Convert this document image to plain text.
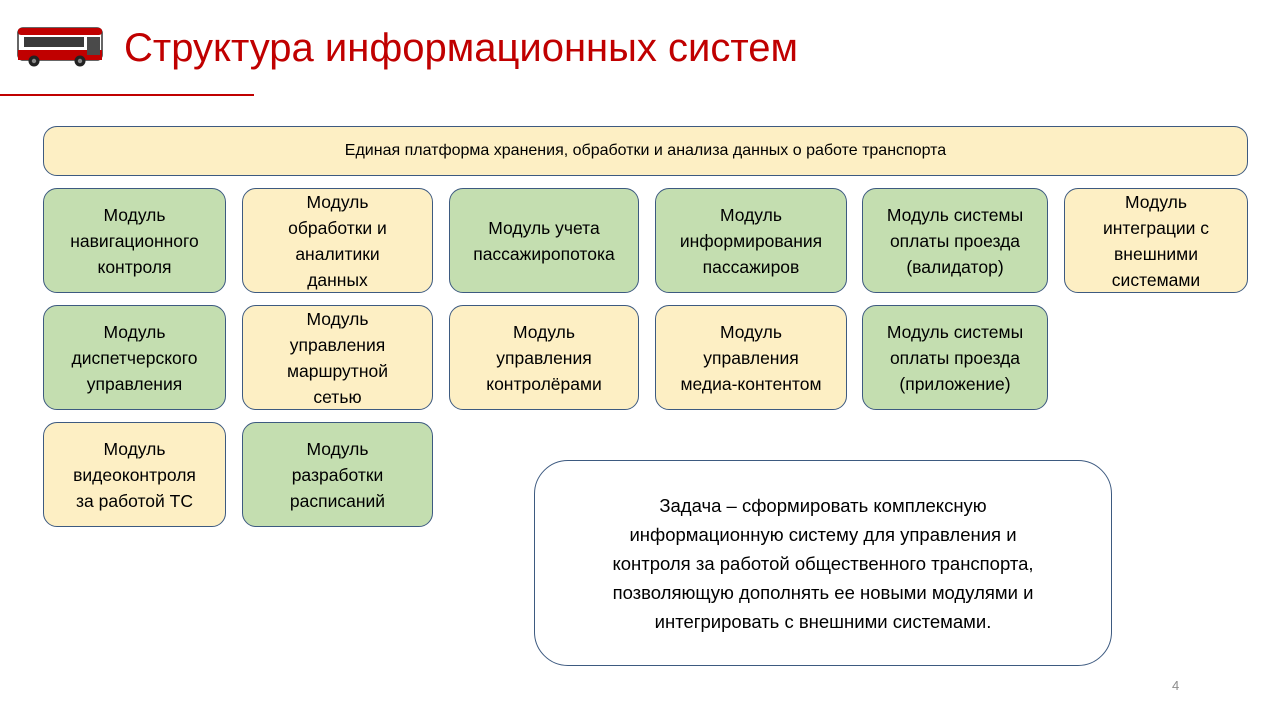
Структура информационных систем
Единая платформа хранения, обработки и анализа данных о работе транспорта
Модуль
навигационного
контроля
Модуль
обработки и
аналитики
данных
Модуль учета
пассажиропотока
Модуль
информирования
пассажиров
Модуль системы
оплаты проезда
(валидатор)
Модуль
интеграции с
внешними
системами
Модуль
диспетчерского
управления
Модуль
управления
маршрутной
сетью
Модуль
управления
контролёрами
Модуль
управления
медиа-контентом
Модуль системы
оплаты проезда
(приложение)
Модуль
видеоконтроля
за работой ТС
Модуль
разработки
расписаний	Задача – сформировать комплексную
информационную систему для управления и
контроля за работой общественного транспорта,
позволяющую дополнять ее новыми модулями и
интегрировать с внешними системами.
4
